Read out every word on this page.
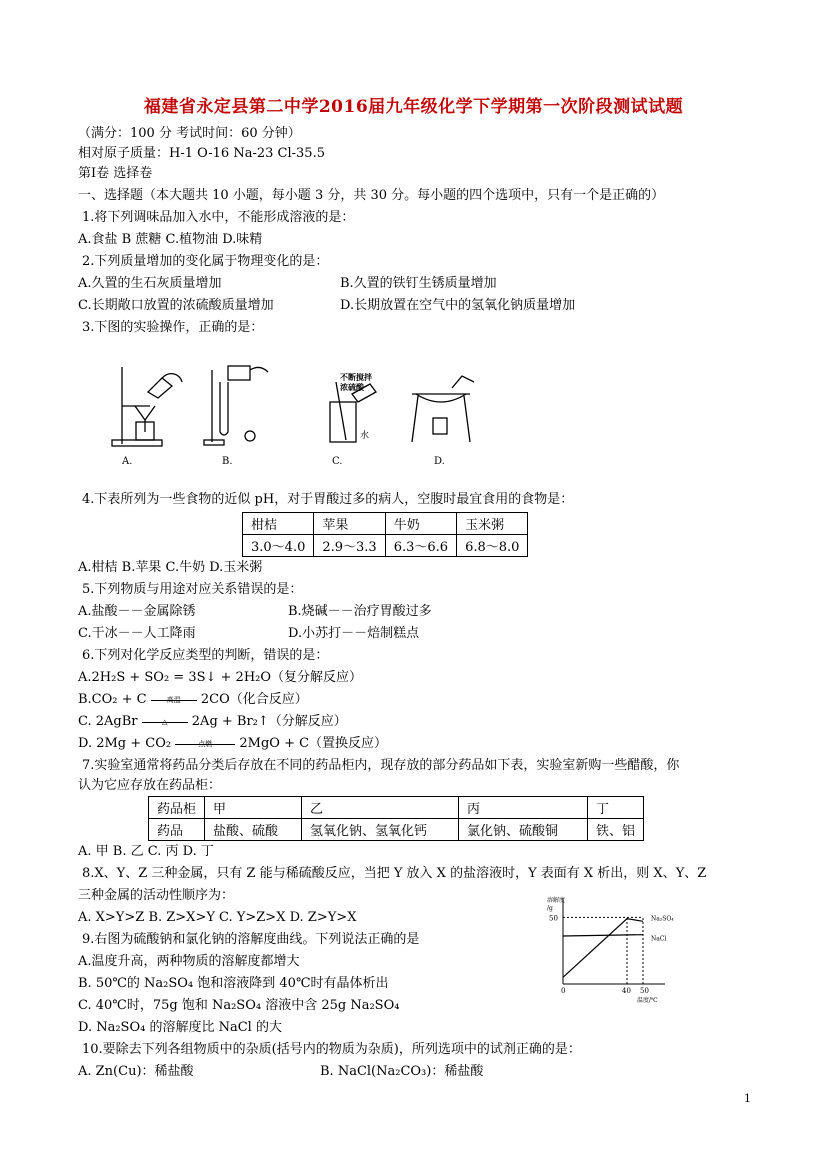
福建省永定县第二中学2016届九年级化学下学期第一次阶段测试试题
（满分：100 分 考试时间：60 分钟）
相对原子质量：H-1 O-16 Na-23 Cl-35.5
第Ⅰ卷 选择卷
一、选择题（本大题共 10 小题，每小题 3 分，共 30 分。每小题的四个选项中，只有一个是正确的）
1.将下列调味品加入水中，不能形成溶液的是：
A.食盐 B 蔗糖 C.植物油 D.味精
2.下列质量增加的变化属于物理变化的是：
A.久置的生石灰质量增加	B.久置的铁钉生锈质量增加
C.长期敞口放置的浓硫酸质量增加	D.长期放置在空气中的氢氧化钠质量增加
3.下图的实验操作，正确的是：
A.	B.	C.	D.
不断搅拌
浓硫酸
水
4.下表所列为一些食物的近似 pH，对于胃酸过多的病人，空腹时最宜食用的食物是：
柑桔	苹果	牛奶	玉米粥
3.0～4.0	2.9～3.3	6.3～6.6	6.8～8.0
A.柑桔 B.苹果 C.牛奶 D.玉米粥
5.下列物质与用途对应关系错误的是：
A.盐酸－－金属除锈	B.烧碱－－治疗胃酸过多
C.干冰－－人工降雨	D.小苏打－－焙制糕点
6.下列对化学反应类型的判断，错误的是：
A.2H₂S + SO₂ = 3S↓ + 2H₂O（复分解反应）
B.CO₂ + C	高温	2CO（化合反应）
C. 2AgBr	△	2Ag + Br₂↑（分解反应）
D. 2Mg + CO₂	点燃	2MgO + C（置换反应）
7.实验室通常将药品分类后存放在不同的药品柜内，现存放的部分药品如下表，实验室新购一些醋酸，你
认为它应存放在药品柜：
药品柜	甲	乙	丙	丁
药品	盐酸、硫酸	氢氧化钠、氢氧化钙	氯化钠、硫酸铜	铁、铝
A. 甲 B. 乙 C. 丙 D. 丁
8.X、Y、Z 三种金属，只有 Z 能与稀硫酸反应，当把 Y 放入 X 的盐溶液时，Y 表面有 X 析出，则 X、Y、Z
三种金属的活动性顺序为：
A. X>Y>Z B. Z>X>Y C. Y>Z>X D. Z>Y>X
溶解度
/g
50
0	40 50
温度/℃
Na₂SO₄
NaCl
9.右图为硫酸钠和氯化钠的溶解度曲线。下列说法正确的是
A.温度升高，两种物质的溶解度都增大
B. 50℃的 Na₂SO₄ 饱和溶液降到 40℃时有晶体析出
C. 40℃时，75g 饱和 Na₂SO₄ 溶液中含 25g Na₂SO₄
D. Na₂SO₄ 的溶解度比 NaCl 的大
10.要除去下列各组物质中的杂质(括号内的物质为杂质)，所列选项中的试剂正确的是：
A. Zn(Cu)：稀盐酸	B. NaCl(Na₂CO₃)：稀盐酸
1
